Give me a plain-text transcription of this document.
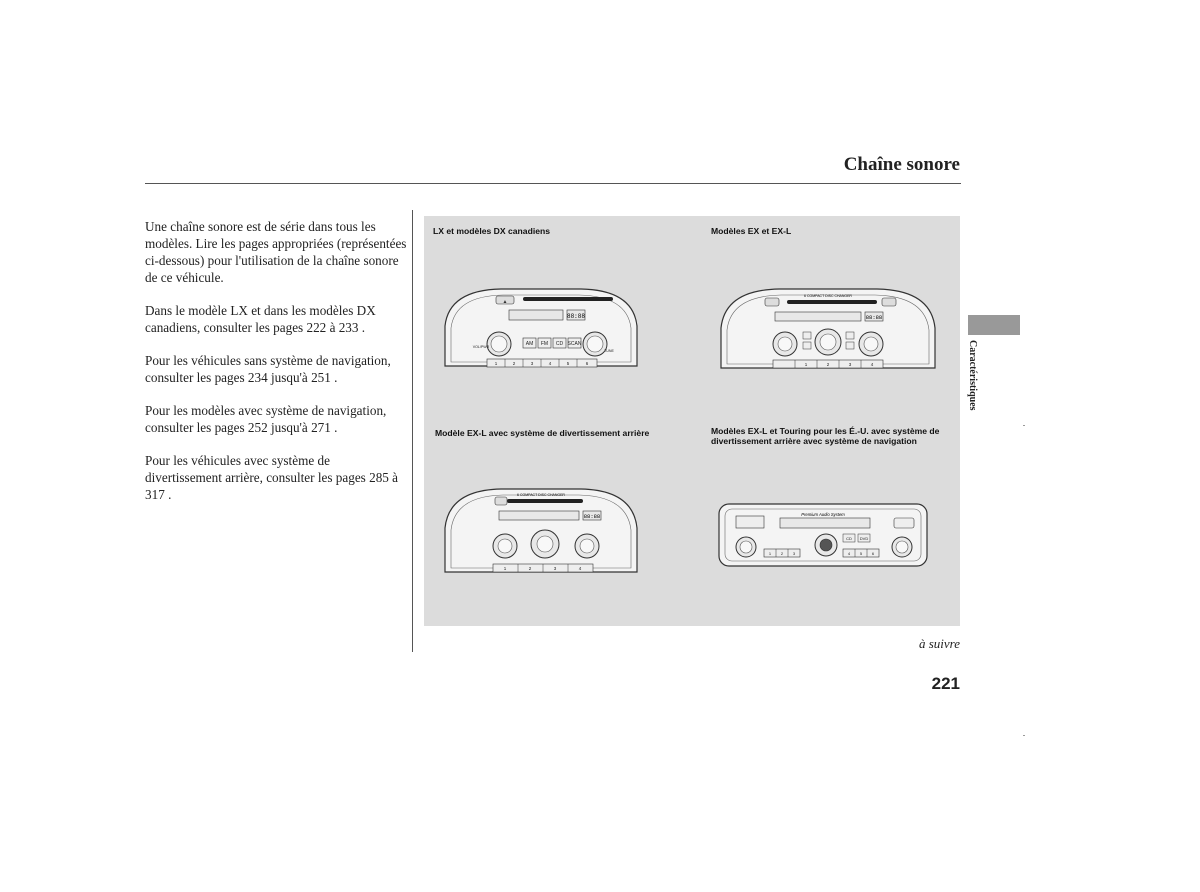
Chaîne sonore

Une chaîne sonore est de série dans tous les modèles. Lire les pages appropriées (représentées ci-dessous) pour l'utilisation de la chaîne sonore de ce véhicule.

Dans le modèle LX et dans les modèles DX canadiens, consulter les pages 222 à 233 .

Pour les véhicules sans système de navigation, consulter les pages 234 jusqu'à 251 .

Pour les modèles avec système de navigation, consulter les pages 252 jusqu'à 271 .

Pour les véhicules avec système de divertissement arrière, consulter les pages 285 à 317 .

LX et modèles DX canadiens	Modèles EX et EX-L
Modèle EX-L avec système de divertissement arrière	Modèles EX-L et Touring pour les É.-U. avec système de divertissement arrière avec système de navigation
▲
88:88
AM FM CD SCAN
VOL/PWR
TUNE
1	2	3	4	5	6
6 COMPACT DISC CHANGER
88:88
1	2	3	4
6 COMPACT DISC CHANGER
88:88
1	2	3	4
Premium Audio System
CD DVD
1 2 3	4 5 6
Caractéristiques
à suivre
221
